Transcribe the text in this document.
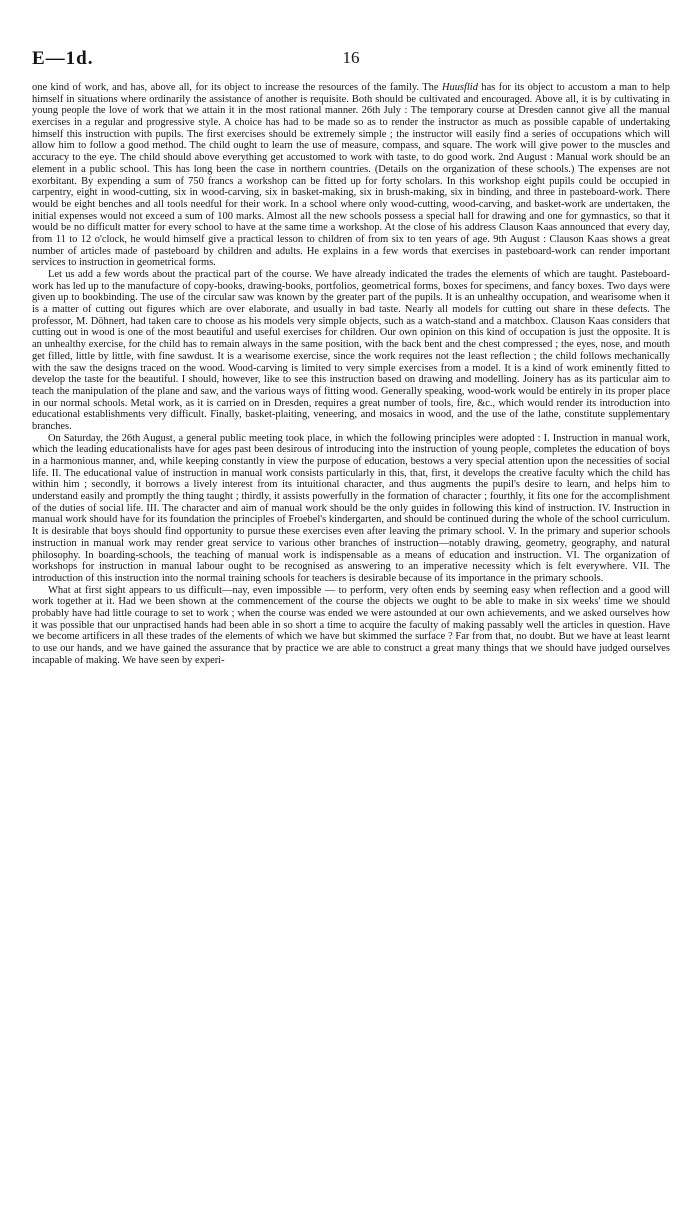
E—1d.	16

one kind of work, and has, above all, for its object to increase the resources of the family. The Huusflid has for its object to accustom a man to help himself in situations where ordinarily the assistance of another is requisite. Both should be cultivated and encouraged. Above all, it is by cultivating in young people the love of work that we attain it in the most rational manner. 26th July : The temporary course at Dresden cannot give all the manual exercises in a regular and progressive style. A choice has had to be made so as to render the instructor as much as possible capable of undertaking himself this instruction with pupils. The first exercises should be extremely simple ; the instructor will easily find a series of occupations which will allow him to follow a good method. The child ought to learn the use of measure, compass, and square. The work will give power to the muscles and accuracy to the eye. The child should above everything get accustomed to work with taste, to do good work. 2nd August : Manual work should be an element in a public school. This has long been the case in northern countries. (Details on the organization of these schools.) The expenses are not exorbitant. By expending a sum of 750 francs a workshop can be fitted up for forty scholars. In this workshop eight pupils could be occupied in carpentry, eight in wood-cutting, six in wood-carving, six in basket-making, six in brush-making, six in binding, and three in pasteboard-work. There would be eight benches and all tools needful for their work. In a school where only wood-cutting, wood-carving, and basket-work are undertaken, the initial expenses would not exceed a sum of 100 marks. Almost all the new schools possess a special hall for drawing and one for gymnastics, so that it would be no difficult matter for every school to have at the same time a workshop. At the close of his address Clauson Kaas announced that every day, from 11 to 12 o'clock, he would himself give a practical lesson to children of from six to ten years of age. 9th August : Clauson Kaas shows a great number of articles made of pasteboard by children and adults. He explains in a few words that exercises in pasteboard-work can render important services to instruction in geometrical forms.

Let us add a few words about the practical part of the course. We have already indicated the trades the elements of which are taught. Pasteboard-work has led up to the manufacture of copy-books, drawing-books, portfolios, geometrical forms, boxes for specimens, and fancy boxes. Two days were given up to bookbinding. The use of the circular saw was known by the greater part of the pupils. It is an unhealthy occupation, and wearisome when it is a matter of cutting out figures which are over elaborate, and usually in bad taste. Nearly all models for cutting out share in these defects. The professor, M. Döhnert, had taken care to choose as his models very simple objects, such as a watch-stand and a matchbox. Clauson Kaas considers that cutting out in wood is one of the most beautiful and useful exercises for children. Our own opinion on this kind of occupation is just the opposite. It is an unhealthy exercise, for the child has to remain always in the same position, with the back bent and the chest compressed ; the eyes, nose, and mouth get filled, little by little, with fine sawdust. It is a wearisome exercise, since the work requires not the least reflection ; the child follows mechanically with the saw the designs traced on the wood. Wood-carving is limited to very simple exercises from a model. It is a kind of work eminently fitted to develop the taste for the beautiful. I should, however, like to see this instruction based on drawing and modelling. Joinery has as its particular aim to teach the manipulation of the plane and saw, and the various ways of fitting wood. Generally speaking, wood-work would be entirely in its proper place in our normal schools. Metal work, as it is carried on in Dresden, requires a great number of tools, fire, &c., which would render its introduction into educational establishments very difficult. Finally, basket-plaiting, veneering, and mosaics in wood, and the use of the lathe, constitute supplementary branches.

On Saturday, the 26th August, a general public meeting took place, in which the following principles were adopted : I. Instruction in manual work, which the leading educationalists have for ages past been desirous of introducing into the instruction of young people, completes the education of boys in a harmonious manner, and, while keeping constantly in view the purpose of education, bestows a very special attention upon the necessities of social life. II. The educational value of instruction in manual work consists particularly in this, that, first, it develops the creative faculty which the child has within him ; secondly, it borrows a lively interest from its intuitional character, and thus augments the pupil's desire to learn, and helps him to understand easily and promptly the thing taught ; thirdly, it assists powerfully in the formation of character ; fourthly, it fits one for the accomplishment of the duties of social life. III. The character and aim of manual work should be the only guides in following this kind of instruction. IV. Instruction in manual work should have for its foundation the principles of Froebel's kindergarten, and should be continued during the whole of the school curriculum. It is desirable that boys should find opportunity to pursue these exercises even after leaving the primary school. V. In the primary and superior schools instruction in manual work may render great service to various other branches of instruction—notably drawing, geometry, geography, and natural philosophy. In boarding-schools, the teaching of manual work is indispensable as a means of education and instruction. VI. The organization of workshops for instruction in manual labour ought to be recognised as answering to an imperative necessity which is felt everywhere. VII. The introduction of this instruction into the normal training schools for teachers is desirable because of its importance in the primary schools.

What at first sight appears to us difficult—nay, even impossible — to perform, very often ends by seeming easy when reflection and a good will work together at it. Had we been shown at the commencement of the course the objects we ought to be able to make in six weeks' time we should probably have had little courage to set to work ; when the course was ended we were astounded at our own achievements, and we asked ourselves how it was possible that our unpractised hands had been able in so short a time to acquire the faculty of making passably well the articles in question. Have we become artificers in all these trades of the elements of which we have but skimmed the surface ? Far from that, no doubt. But we have at least learnt to use our hands, and we have gained the assurance that by practice we are able to construct a great many things that we should have judged ourselves incapable of making. We have seen by experi-
